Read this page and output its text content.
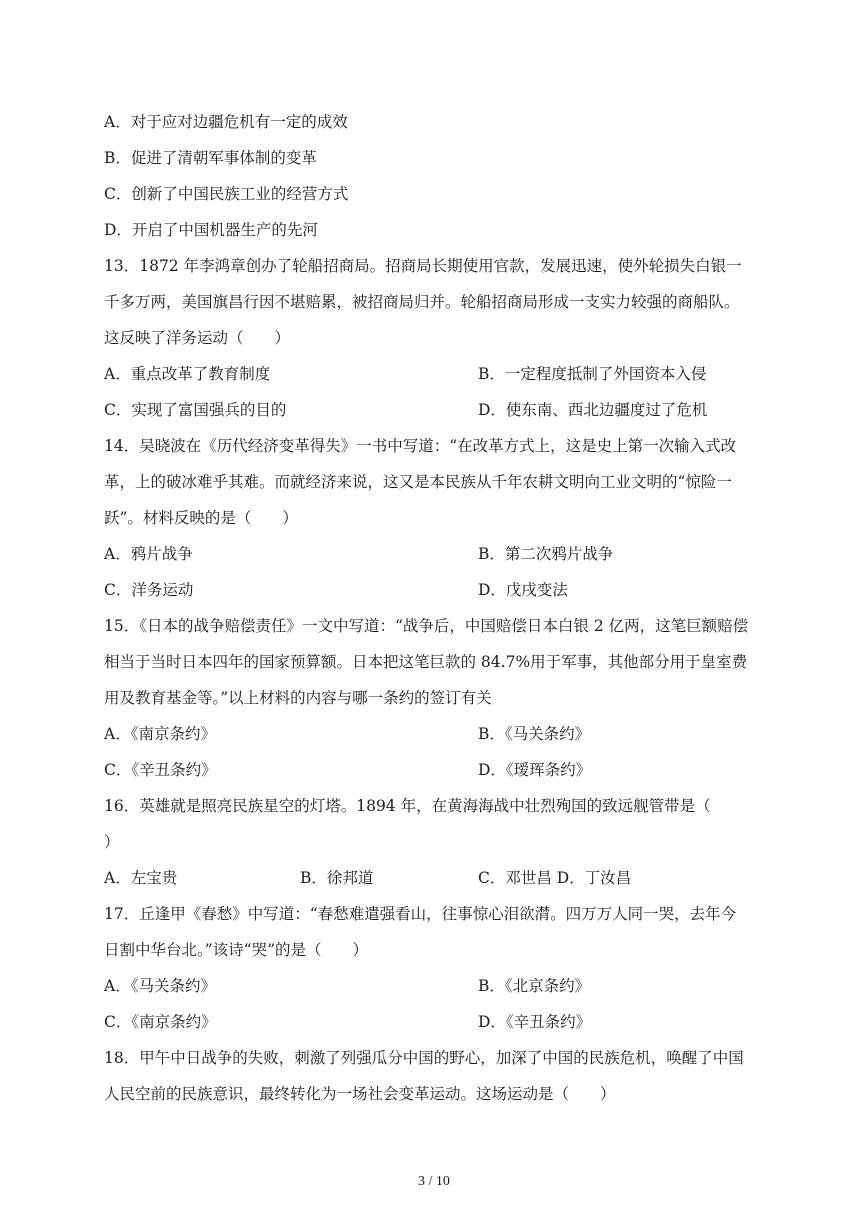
A．对于应对边疆危机有一定的成效
B．促进了清朝军事体制的变革
C．创新了中国民族工业的经营方式
D．开启了中国机器生产的先河
13．1872 年李鸿章创办了轮船招商局。招商局长期使用官款，发展迅速，使外轮损失白银一
千多万两，美国旗昌行因不堪赔累，被招商局归并。轮船招商局形成一支实力较强的商船队。
这反映了洋务运动（　　）
A．重点改革了教育制度	B．一定程度抵制了外国资本入侵
C．实现了富国强兵的目的	D．使东南、西北边疆度过了危机
14．吴晓波在《历代经济变革得失》一书中写道：“在改革方式上，这是史上第一次输入式改
革，上的破冰难乎其难。而就经济来说，这又是本民族从千年农耕文明向工业文明的“惊险一
跃”。材料反映的是（　　）
A．鸦片战争	B．第二次鸦片战争
C．洋务运动	D．戊戌变法
15．《日本的战争赔偿责任》一文中写道：“战争后，中国赔偿日本白银 2 亿两，这笔巨额赔偿
相当于当时日本四年的国家预算额。日本把这笔巨款的 84.7%用于军事，其他部分用于皇室费
用及教育基金等。”以上材料的内容与哪一条约的签订有关
A．《南京条约》	B．《马关条约》
C．《辛丑条约》	D．《瑷珲条约》
16．英雄就是照亮民族星空的灯塔。1894 年，在黄海海战中壮烈殉国的致远舰管带是（
）
A．左宝贵	B．徐邦道	C．邓世昌 D．丁汝昌
17．丘逢甲《春愁》中写道：“春愁难遣强看山，往事惊心泪欲潸。四万万人同一哭，去年今
日割中华台北。”该诗“哭”的是（　　）
A．《马关条约》	B．《北京条约》
C．《南京条约》	D．《辛丑条约》
18．甲午中日战争的失败，刺激了列强瓜分中国的野心，加深了中国的民族危机，唤醒了中国
人民空前的民族意识，最终转化为一场社会变革运动。这场运动是（　　）
3 / 10
